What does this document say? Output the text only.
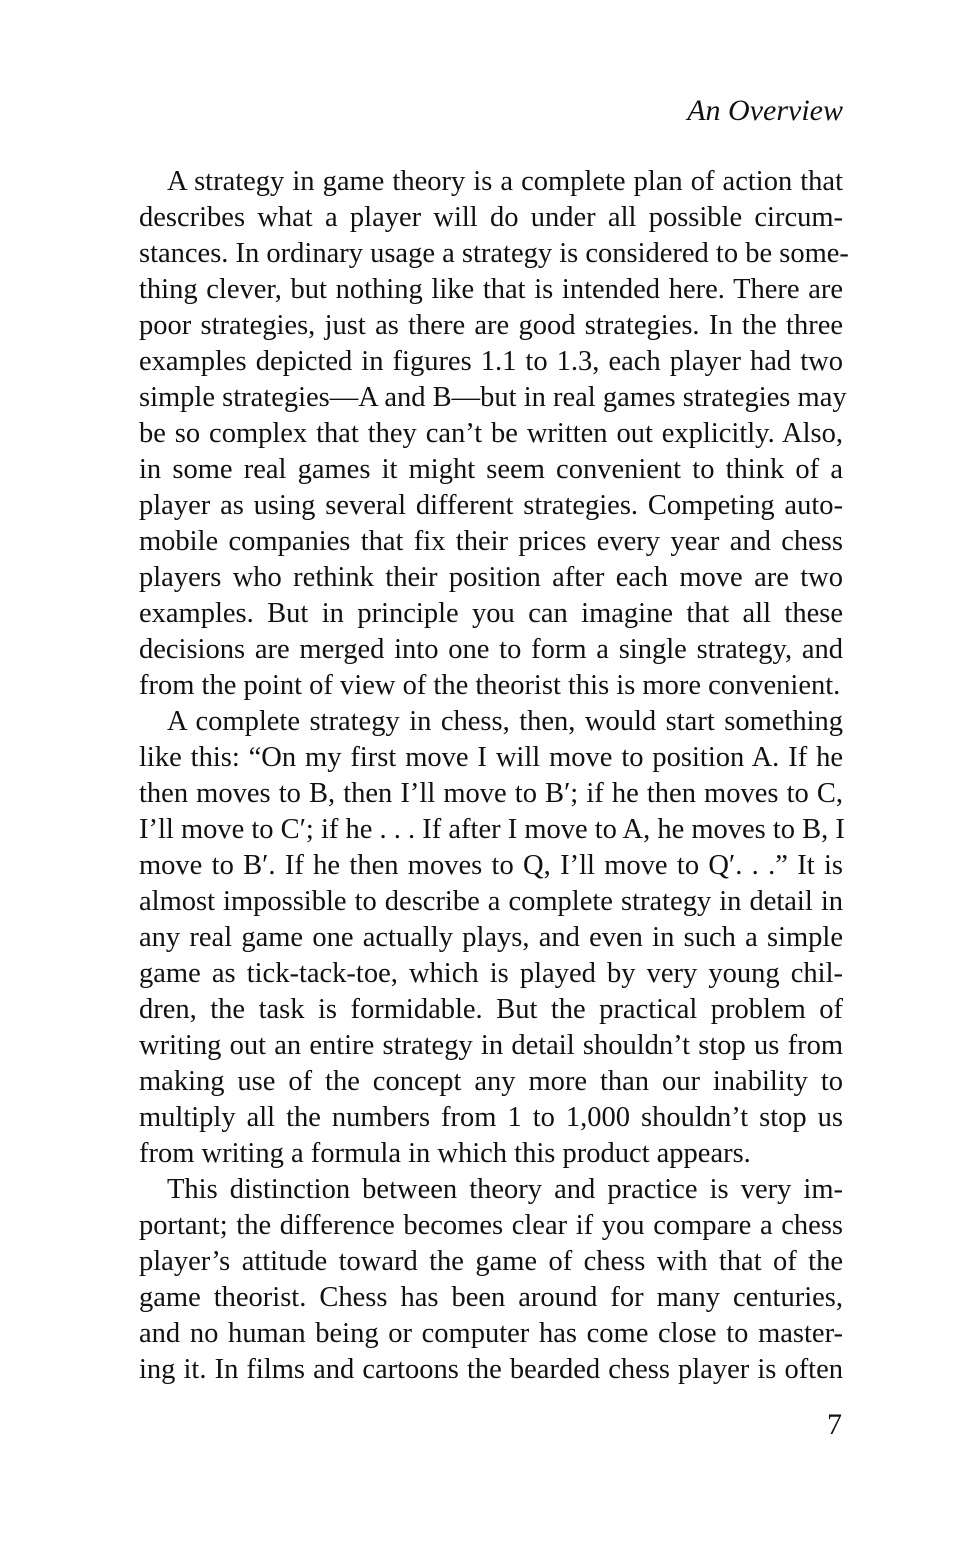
An Overview
A strategy in game theory is a complete plan of action that
describes what a player will do under all possible circum-
stances. In ordinary usage a strategy is considered to be some-
thing clever, but nothing like that is intended here. There are
poor strategies, just as there are good strategies. In the three
examples depicted in figures 1.1 to 1.3, each player had two
simple strategies—A and B—but in real games strategies may
be so complex that they can’t be written out explicitly. Also,
in some real games it might seem convenient to think of a
player as using several different strategies. Competing auto-
mobile companies that fix their prices every year and chess
players who rethink their position after each move are two
examples. But in principle you can imagine that all these
decisions are merged into one to form a single strategy, and
from the point of view of the theorist this is more convenient.
A complete strategy in chess, then, would start something
like this: “On my first move I will move to position A. If he
then moves to B, then I’ll move to B′; if he then moves to C,
I’ll move to C′; if he . . . If after I move to A, he moves to B, I
move to B′. If he then moves to Q, I’ll move to Q′. . .” It is
almost impossible to describe a complete strategy in detail in
any real game one actually plays, and even in such a simple
game as tick-tack-toe, which is played by very young chil-
dren, the task is formidable. But the practical problem of
writing out an entire strategy in detail shouldn’t stop us from
making use of the concept any more than our inability to
multiply all the numbers from 1 to 1,000 shouldn’t stop us
from writing a formula in which this product appears.
This distinction between theory and practice is very im-
portant; the difference becomes clear if you compare a chess
player’s attitude toward the game of chess with that of the
game theorist. Chess has been around for many centuries,
and no human being or computer has come close to master-
ing it. In films and cartoons the bearded chess player is often
7
